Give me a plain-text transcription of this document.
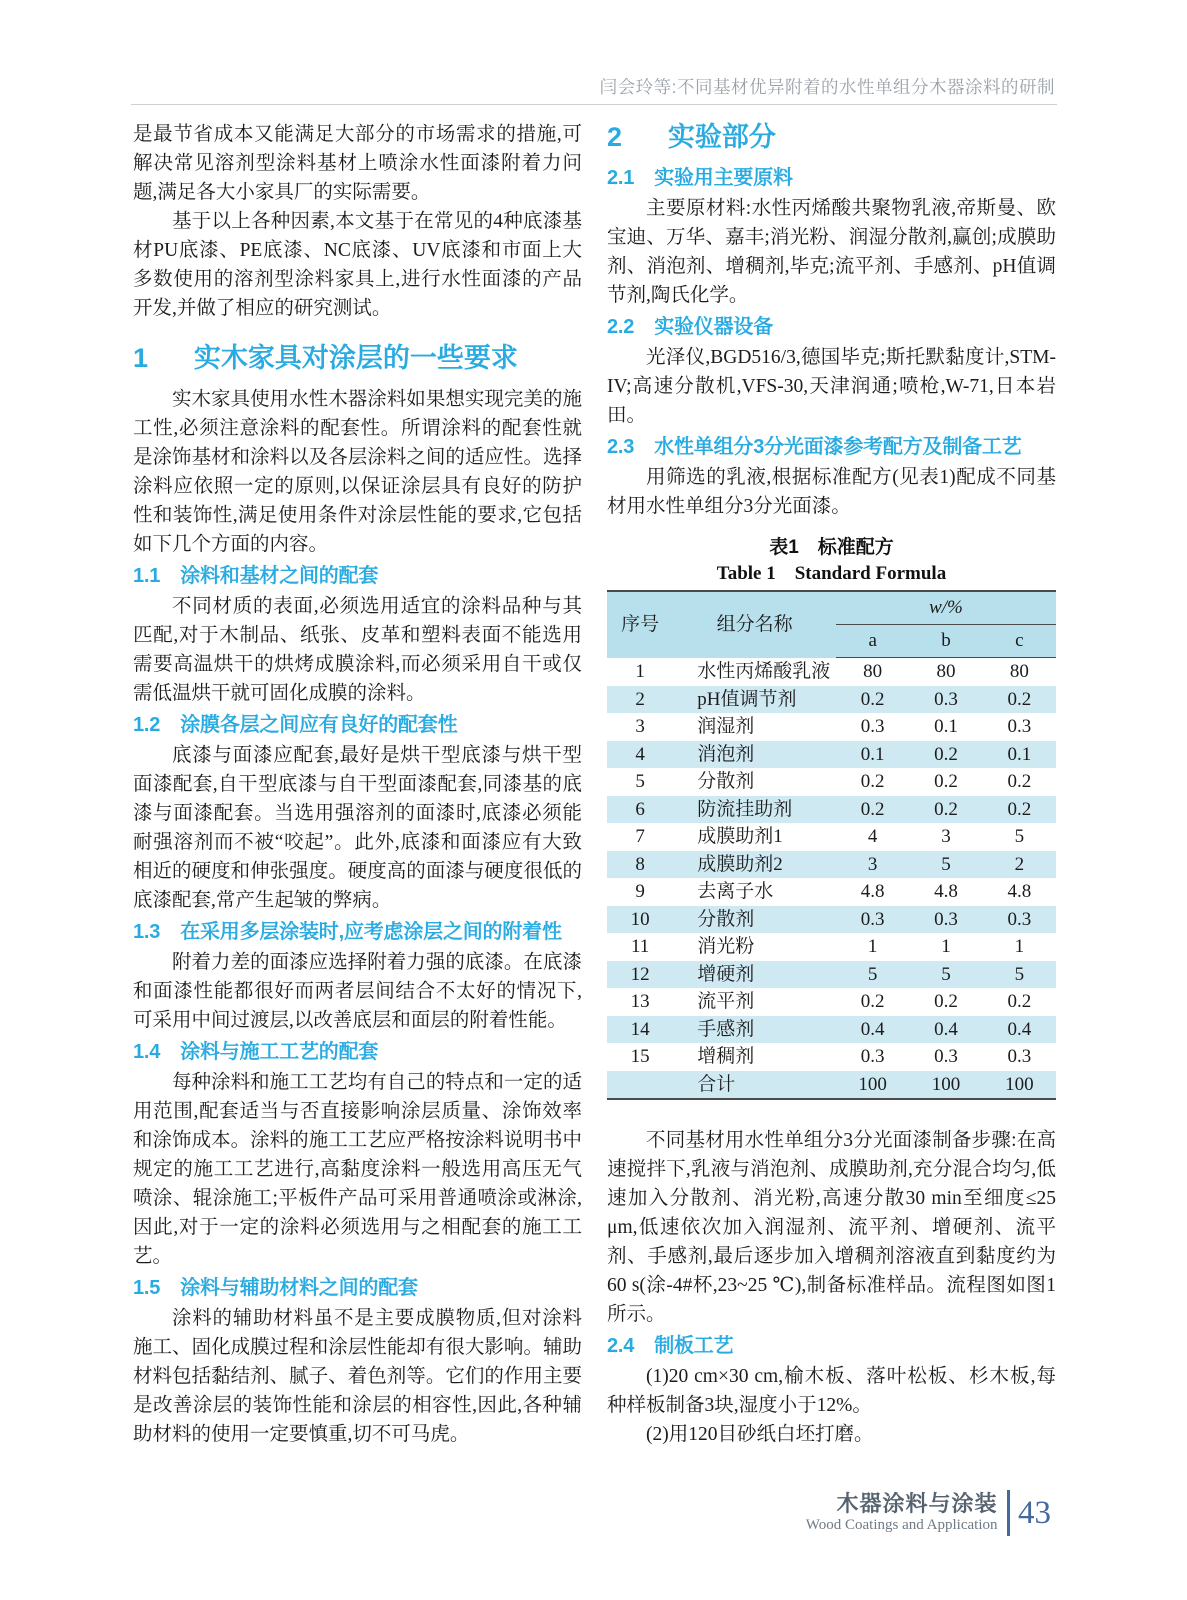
闫会玲等:不同基材优异附着的水性单组分木器涂料的研制

是最节省成本又能满足大部分的市场需求的措施,可解决常见溶剂型涂料基材上喷涂水性面漆附着力问题,满足各大小家具厂的实际需要。

基于以上各种因素,本文基于在常见的4种底漆基材PU底漆、PE底漆、NC底漆、UV底漆和市面上大多数使用的溶剂型涂料家具上,进行水性面漆的产品开发,并做了相应的研究测试。

1 实木家具对涂层的一些要求

实木家具使用水性木器涂料如果想实现完美的施工性,必须注意涂料的配套性。所谓涂料的配套性就是涂饰基材和涂料以及各层涂料之间的适应性。选择涂料应依照一定的原则,以保证涂层具有良好的防护性和装饰性,满足使用条件对涂层性能的要求,它包括如下几个方面的内容。

1.1 涂料和基材之间的配套

不同材质的表面,必须选用适宜的涂料品种与其匹配,对于木制品、纸张、皮革和塑料表面不能选用需要高温烘干的烘烤成膜涂料,而必须采用自干或仅需低温烘干就可固化成膜的涂料。

1.2 涂膜各层之间应有良好的配套性

底漆与面漆应配套,最好是烘干型底漆与烘干型面漆配套,自干型底漆与自干型面漆配套,同漆基的底漆与面漆配套。当选用强溶剂的面漆时,底漆必须能耐强溶剂而不被“咬起”。此外,底漆和面漆应有大致相近的硬度和伸张强度。硬度高的面漆与硬度很低的底漆配套,常产生起皱的弊病。

1.3 在采用多层涂装时,应考虑涂层之间的附着性

附着力差的面漆应选择附着力强的底漆。在底漆和面漆性能都很好而两者层间结合不太好的情况下,可采用中间过渡层,以改善底层和面层的附着性能。

1.4 涂料与施工工艺的配套

每种涂料和施工工艺均有自己的特点和一定的适用范围,配套适当与否直接影响涂层质量、涂饰效率和涂饰成本。涂料的施工工艺应严格按涂料说明书中规定的施工工艺进行,高黏度涂料一般选用高压无气喷涂、辊涂施工;平板件产品可采用普通喷涂或淋涂,因此,对于一定的涂料必须选用与之相配套的施工工艺。

1.5 涂料与辅助材料之间的配套

涂料的辅助材料虽不是主要成膜物质,但对涂料施工、固化成膜过程和涂层性能却有很大影响。辅助材料包括黏结剂、腻子、着色剂等。它们的作用主要是改善涂层的装饰性能和涂层的相容性,因此,各种辅助材料的使用一定要慎重,切不可马虎。

2 实验部分
2.1 实验用主要原料

主要原材料:水性丙烯酸共聚物乳液,帝斯曼、欧宝迪、万华、嘉丰;消光粉、润湿分散剂,赢创;成膜助剂、消泡剂、增稠剂,毕克;流平剂、手感剂、pH值调节剂,陶氏化学。

2.2 实验仪器设备

光泽仪,BGD516/3,德国毕克;斯托默黏度计,STM-IV;高速分散机,VFS-30,天津润通;喷枪,W-71,日本岩田。

2.3 水性单组分3分光面漆参考配方及制备工艺

用筛选的乳液,根据标准配方(见表1)配成不同基材用水性单组分3分光面漆。

表1　标准配方
Table 1　Standard Formula
序号	组分名称	w/%		
		a	b	c
1	水性丙烯酸乳液	80	80	80
2	pH值调节剂	0.2	0.3	0.2
3	润湿剂	0.3	0.1	0.3
4	消泡剂	0.1	0.2	0.1
5	分散剂	0.2	0.2	0.2
6	防流挂助剂	0.2	0.2	0.2
7	成膜助剂1	4	3	5
8	成膜助剂2	3	5	2
9	去离子水	4.8	4.8	4.8
10	分散剂	0.3	0.3	0.3
11	消光粉	1	1	1
12	增硬剂	5	5	5
13	流平剂	0.2	0.2	0.2
14	手感剂	0.4	0.4	0.4
15	增稠剂	0.3	0.3	0.3
	合计	100	100	100

不同基材用水性单组分3分光面漆制备步骤:在高速搅拌下,乳液与消泡剂、成膜助剂,充分混合均匀,低速加入分散剂、消光粉,高速分散30 min至细度≤25 μm,低速依次加入润湿剂、流平剂、增硬剂、流平剂、手感剂,最后逐步加入增稠剂溶液直到黏度约为60 s(涂-4#杯,23~25 ℃),制备标准样品。流程图如图1所示。

2.4 制板工艺

(1)20 cm×30 cm,榆木板、落叶松板、杉木板,每种样板制备3块,湿度小于12%。

(2)用120目砂纸白坯打磨。

木器涂料与涂装
Wood Coatings and Application 43
